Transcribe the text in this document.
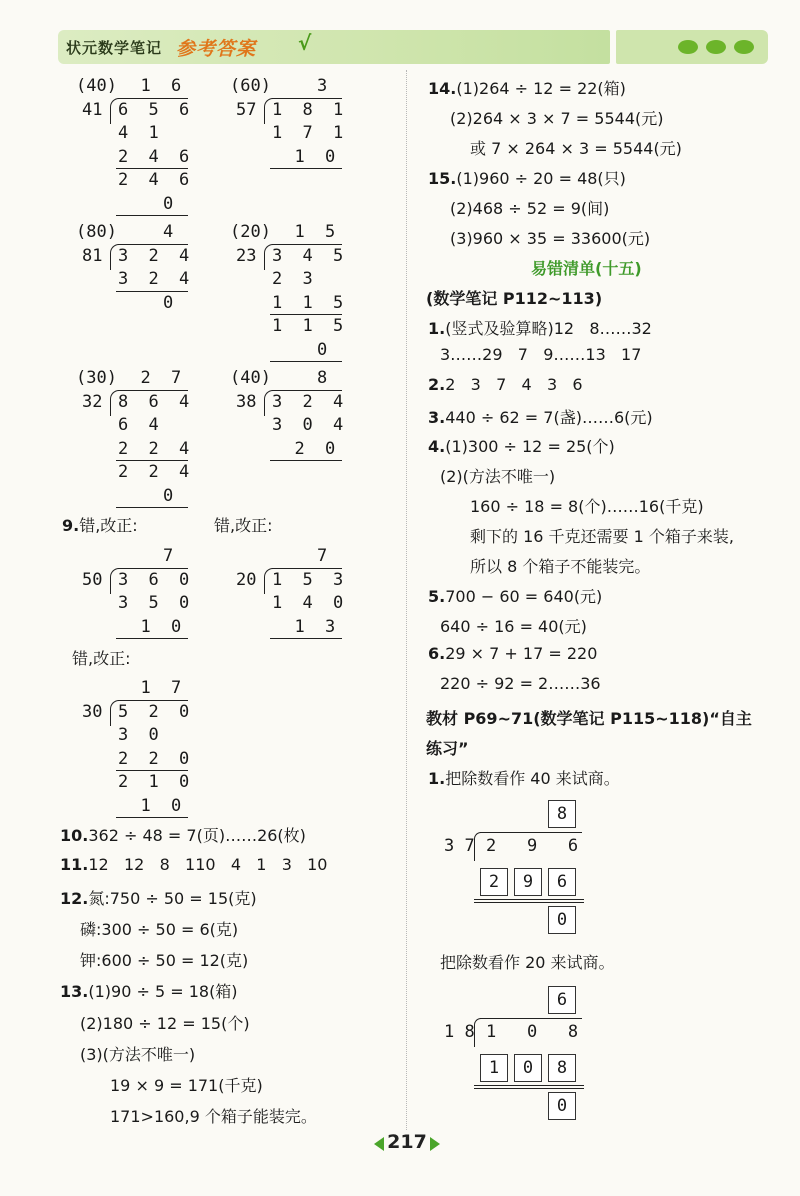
状元数学笔记 参考答案 √
(40) 1 6
41 6 5 6
4 1
2 4 6
2 4 6
0
(60)	3
57 1 8 1
1 7 1
1 0
(80)	4
81 3 2 4
3 2 4
0
(20) 1 5
23 3 4 5
2 3
1 1 5
1 1 5
0
(30) 2 7
32 8 6 4
6 4
2 2 4
2 2 4
0
(40)	8
38 3 2 4
3 0 4
2 0
7
50 3 6 0
3 5 0
1 0
7
20 1 5 3
1 4 0
1 3
1 7
30 5 2 0
3 0
2 2 0
2 1 0
1 0
9.错,改正:	错,改正:
错,改正:
10.362 ÷ 48 = 7(页)……26(枚)
11.12   12   8   110   4   1   3   10
12.氮:750 ÷ 50 = 15(克)
磷:300 ÷ 50 = 6(克)
钾:600 ÷ 50 = 12(克)
13.(1)90 ÷ 5 = 18(箱)
(2)180 ÷ 12 = 15(个)
(3)(方法不唯一)
19 × 9 = 171(千克)
171>160,9 个箱子能装完。
14.(1)264 ÷ 12 = 22(箱)
(2)264 × 3 × 7 = 5544(元)
或 7 × 264 × 3 = 5544(元)
15.(1)960 ÷ 20 = 48(只)
(2)468 ÷ 52 = 9(间)
(3)960 × 35 = 33600(元)
易错清单(十五)
(数学笔记 P112~113)
1.(竖式及验算略)12   8……32
3……29   7   9……13   17
2.2   3   7   4   3   6
3.440 ÷ 62 = 7(盏)……6(元)
4.(1)300 ÷ 12 = 25(个)
(2)(方法不唯一)
160 ÷ 18 = 8(个)……16(千克)
剩下的 16 千克还需要 1 个箱子来装,
所以 8 个箱子不能装完。
5.700 − 60 = 640(元)
640 ÷ 16 = 40(元)
6.29 × 7 + 17 = 220
220 ÷ 92 = 2……36
教材 P69~71(数学笔记 P115~118)“自主
练习”
1.把除数看作 40 来试商。
8
3 7 2   9   6
2	9	6
0
把除数看作 20 来试商。
6
1 8 1   0   8
1	0	8
0
217
